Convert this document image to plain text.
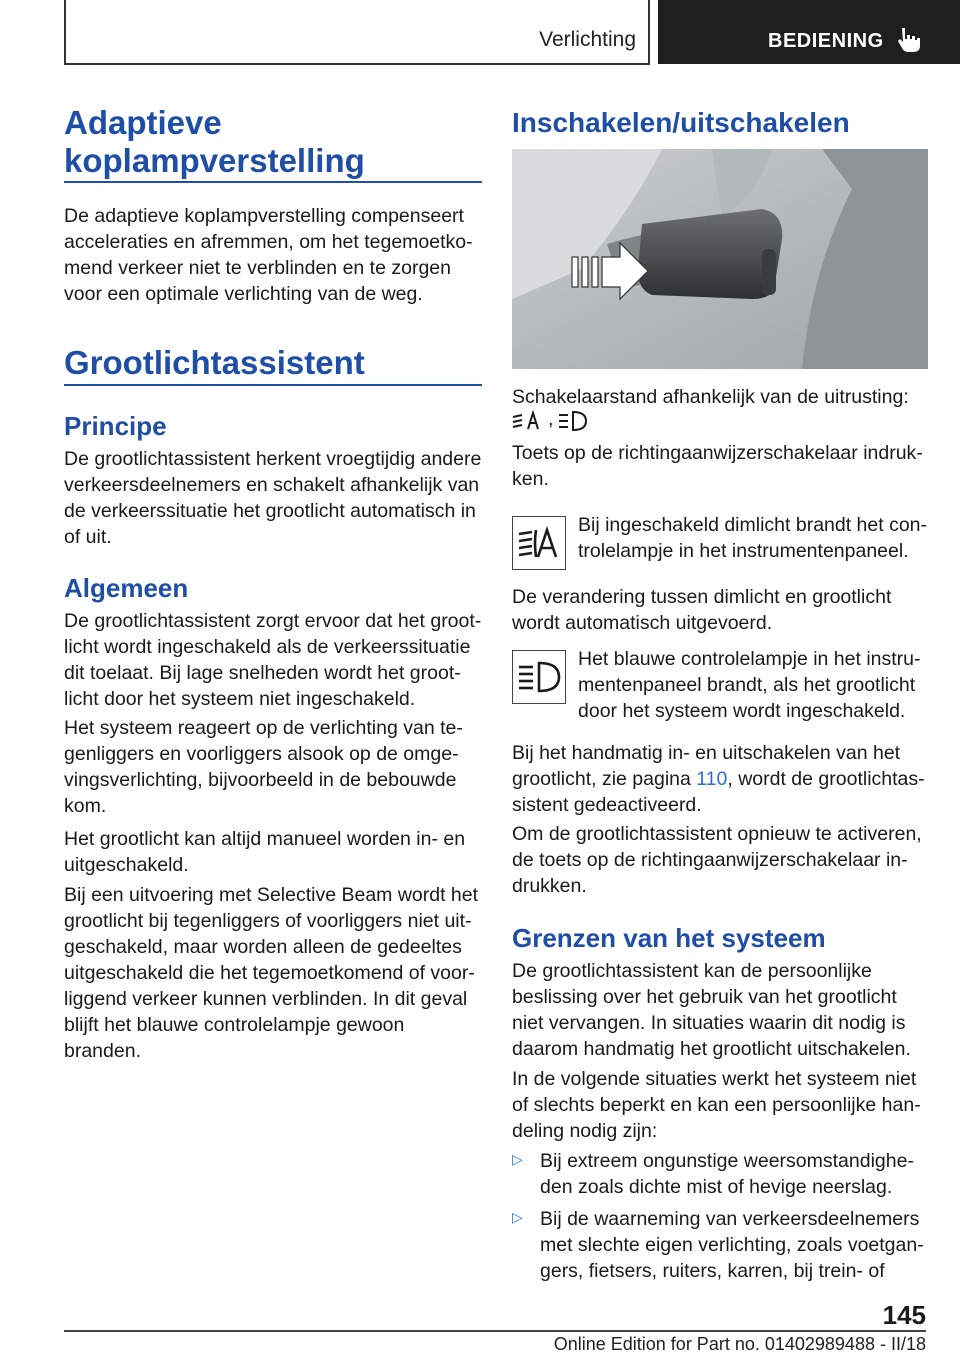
Verlichting	BEDIENING
Adaptieve koplampverstelling

De adaptieve koplampverstelling compenseert acceleraties en afremmen, om het tegemoetkomend verkeer niet te verblinden en te zorgen voor een optimale verlichting van de weg.

Grootlichtassistent
Principe

De grootlichtassistent herkent vroegtijdig andere verkeersdeelnemers en schakelt afhankelijk van de verkeerssituatie het grootlicht automatisch in of uit.

Algemeen

De grootlichtassistent zorgt ervoor dat het grootlicht wordt ingeschakeld als de verkeerssituatie dit toelaat. Bij lage snelheden wordt het grootlicht door het systeem niet ingeschakeld.

Het systeem reageert op de verlichting van tegenliggers en voorliggers alsook op de omgevingsverlichting, bijvoorbeeld in de bebouwde kom.

Het grootlicht kan altijd manueel worden in- en uitgeschakeld.

Bij een uitvoering met Selective Beam wordt het grootlicht bij tegenliggers of voorliggers niet uitgeschakeld, maar worden alleen de gedeeltes uitgeschakeld die het tegemoetkomend of voorliggend verkeer kunnen verblinden. In dit geval blijft het blauwe controlelampje gewoon branden.

Inschakelen/uitschakelen

Schakelaarstand afhankelijk van de uitrusting:

,

Toets op de richtingaanwijzerschakelaar indrukken.

Bij ingeschakeld dimlicht brandt het controlelampje in het instrumentenpaneel.

De verandering tussen dimlicht en grootlicht wordt automatisch uitgevoerd.

Het blauwe controlelampje in het instrumentenpaneel brandt, als het grootlicht door het systeem wordt ingeschakeld.

Bij het handmatig in- en uitschakelen van het grootlicht, zie pagina 110, wordt de grootlichtassistent gedeactiveerd.

Om de grootlichtassistent opnieuw te activeren, de toets op de richtingaanwijzerschakelaar indrukken.

Grenzen van het systeem

De grootlichtassistent kan de persoonlijke beslissing over het gebruik van het grootlicht niet vervangen. In situaties waarin dit nodig is daarom handmatig het grootlicht uitschakelen.

In de volgende situaties werkt het systeem niet of slechts beperkt en kan een persoonlijke handeling nodig zijn:

▷ Bij extreem ongunstige weersomstandigheden zoals dichte mist of hevige neerslag.

▷ Bij de waarneming van verkeersdeelnemers met slechte eigen verlichting, zoals voetgangers, fietsers, ruiters, karren, bij trein- of

145
Online Edition for Part no. 01402989488 - II/18
